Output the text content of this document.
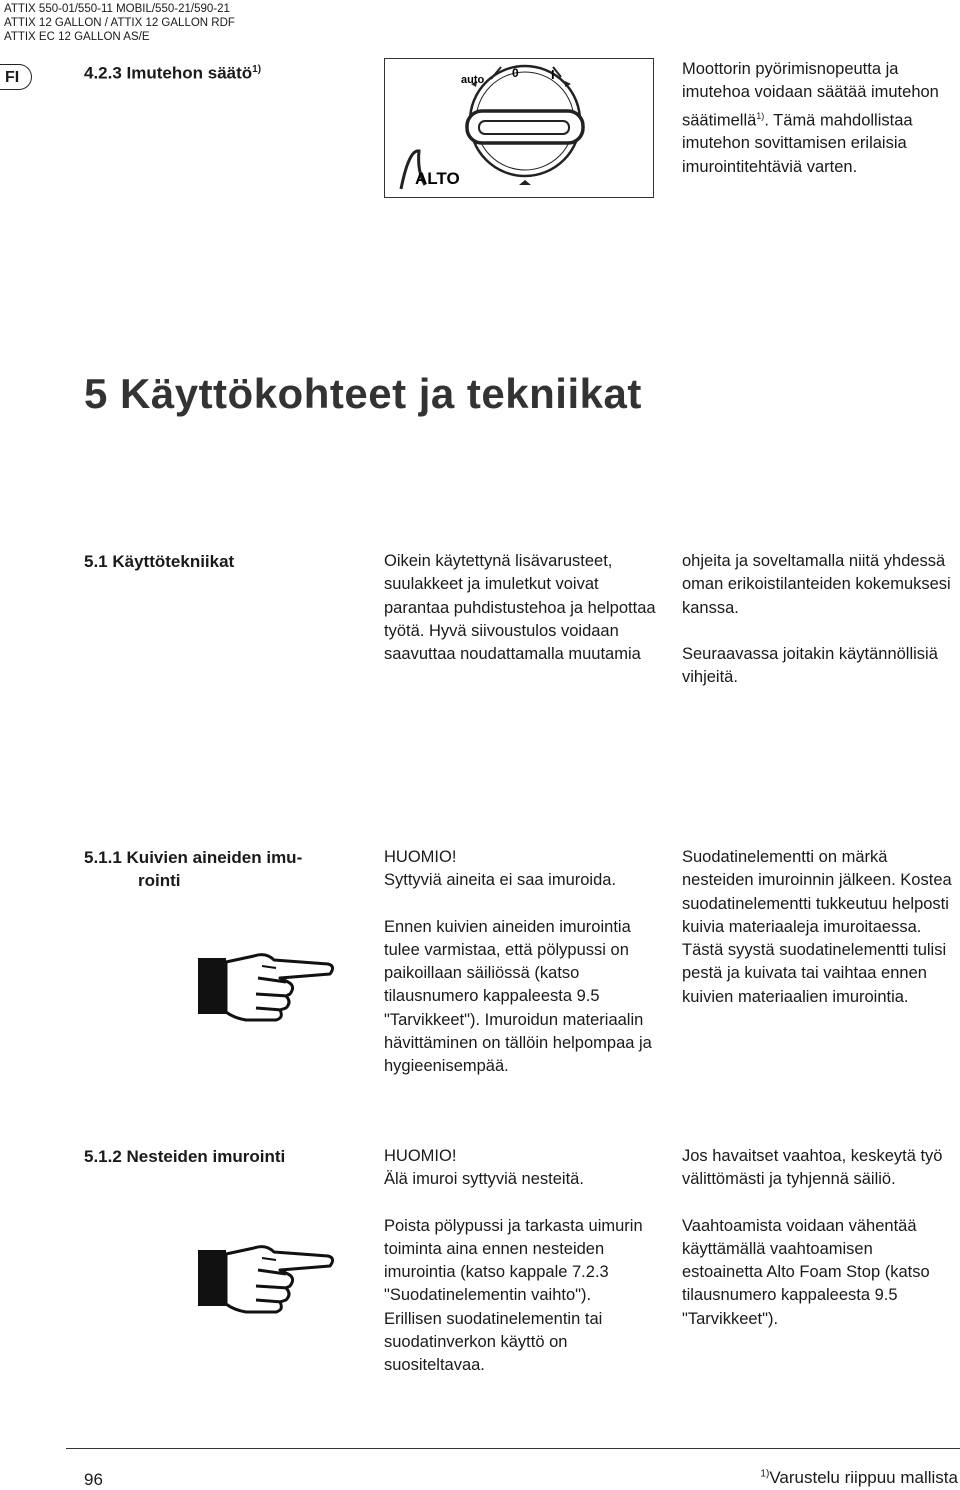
ATTIX 550-01/550-11 MOBIL/550-21/590-21
ATTIX 12 GALLON / ATTIX 12 GALLON RDF
ATTIX EC 12 GALLON AS/E
FI	4.2.3 Imutehon säätö$^{1)}$
auto 0 I
ALTO

Moottorin pyörimisnopeutta ja imutehoa voidaan säätää imutehon säätimellä$^{1)}$. Tämä mahdollistaa imutehon sovittamisen erilaisia imurointitehtäviä varten.

5 Käyttökohteet ja tekniikat
5.1 Käyttötekniikat	Oikein käytettynä lisävarusteet, suulakkeet ja imuletkut voivat parantaa puhdistustehoa ja helpottaa työtä. Hyvä siivoustulos voidaan saavuttaa noudattamalla muutamia

ohjeita ja soveltamalla niitä yhdessä oman erikoistilanteiden kokemuksesi kanssa.

Seuraavassa joitakin käytännöllisiä vihjeitä.

5.1.1 Kuivien aineiden imu-
rointi

HUOMIO!

Syttyviä aineita ei saa imuroida.

Ennen kuivien aineiden imurointia tulee varmistaa, että pölypussi on paikoillaan säiliössä (katso tilausnumero kappaleesta 9.5 "Tarvikkeet"). Imuroidun materiaalin hävittäminen on tällöin helpompaa ja hygieenisempää.

Suodatinelementti on märkä nesteiden imuroinnin jälkeen. Kostea suodatinelementti tukkeutuu helposti kuivia materiaaleja imuroitaessa. Tästä syystä suodatinelementti tulisi pestä ja kuivata tai vaihtaa ennen kuivien materiaalien imurointia.

5.1.2 Nesteiden imurointi	HUOMIO!

Älä imuroi syttyviä nesteitä.

Poista pölypussi ja tarkasta uimurin toiminta aina ennen nesteiden imurointia (katso kappale 7.2.3 "Suodatinelementin vaihto").

Erillisen suodatinelementin tai suodatinverkon käyttö on suositeltavaa.

Jos havaitset vaahtoa, keskeytä työ välittömästi ja tyhjennä säiliö.

Vaahtoamista voidaan vähentää käyttämällä vaahtoamisen estoainetta Alto Foam Stop (katso tilausnumero kappaleesta 9.5 "Tarvikkeet").

96	$^{1)}$Varustelu riippuu mallista
